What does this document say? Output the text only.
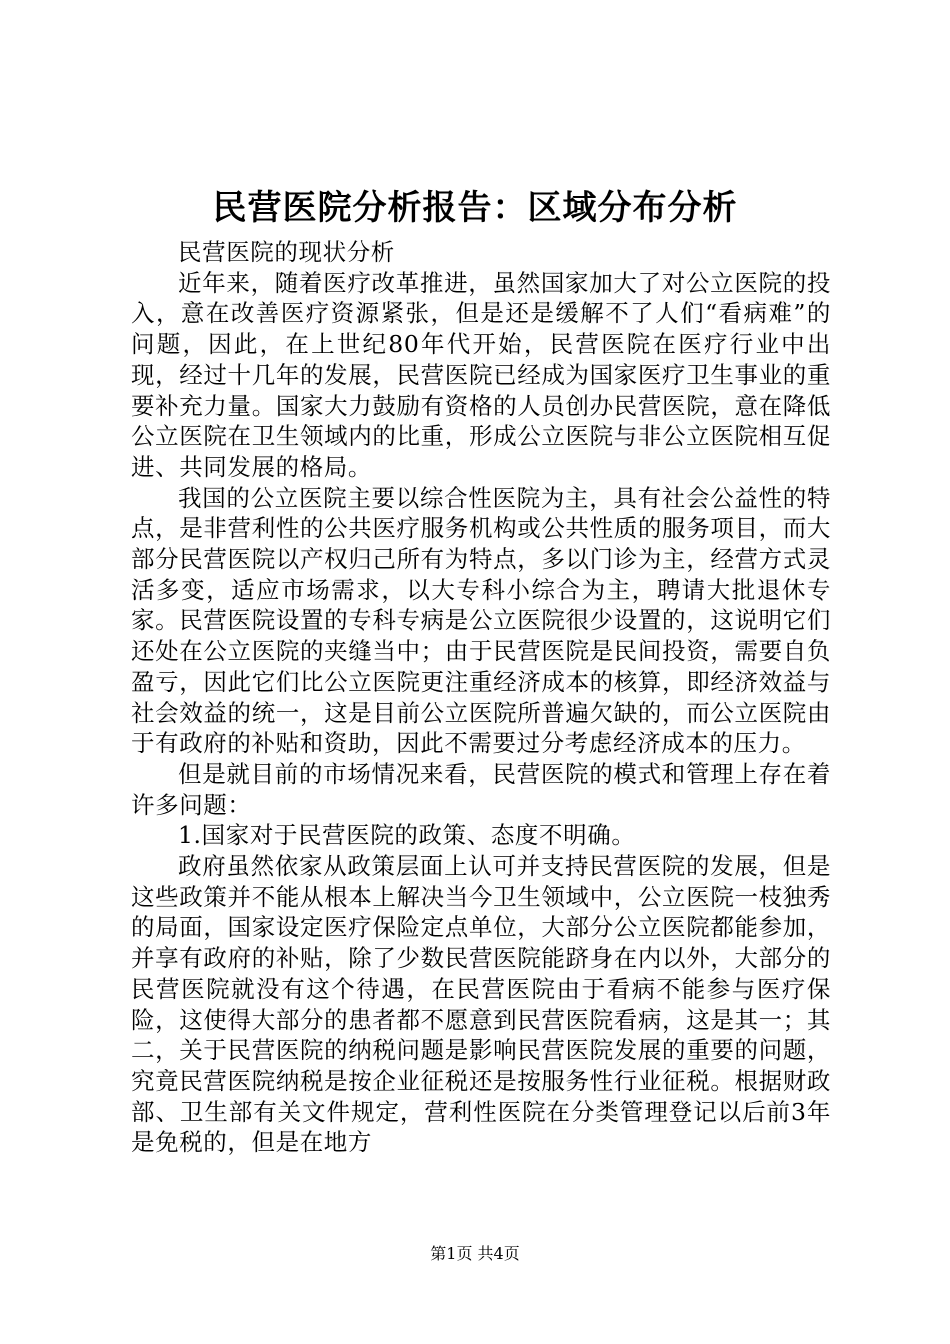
民营医院分析报告：区域分布分析

民营医院的现状分析

近年来，随着医疗改革推进，虽然国家加大了对公立医院的投入，意在改善医疗资源紧张，但是还是缓解不了人们“看病难”的问题，因此，在上世纪80年代开始，民营医院在医疗行业中出现，经过十几年的发展，民营医院已经成为国家医疗卫生事业的重要补充力量。国家大力鼓励有资格的人员创办民营医院，意在降低公立医院在卫生领域内的比重，形成公立医院与非公立医院相互促进、共同发展的格局。

我国的公立医院主要以综合性医院为主，具有社会公益性的特点，是非营利性的公共医疗服务机构或公共性质的服务项目，而大部分民营医院以产权归己所有为特点，多以门诊为主，经营方式灵活多变，适应市场需求，以大专科小综合为主，聘请大批退休专家。民营医院设置的专科专病是公立医院很少设置的，这说明它们还处在公立医院的夹缝当中；由于民营医院是民间投资，需要自负盈亏，因此它们比公立医院更注重经济成本的核算，即经济效益与社会效益的统一，这是目前公立医院所普遍欠缺的，而公立医院由于有政府的补贴和资助，因此不需要过分考虑经济成本的压力。

但是就目前的市场情况来看，民营医院的模式和管理上存在着许多问题：

1.国家对于民营医院的政策、态度不明确。

政府虽然依家从政策层面上认可并支持民营医院的发展，但是这些政策并不能从根本上解决当今卫生领域中，公立医院一枝独秀的局面，国家设定医疗保险定点单位，大部分公立医院都能参加，并享有政府的补贴，除了少数民营医院能跻身在内以外，大部分的民营医院就没有这个待遇，在民营医院由于看病不能参与医疗保险，这使得大部分的患者都不愿意到民营医院看病，这是其一；其二，关于民营医院的纳税问题是影响民营医院发展的重要的问题，究竟民营医院纳税是按企业征税还是按服务性行业征税。根据财政部、卫生部有关文件规定，营利性医院在分类管理登记以后前3年是免税的，但是在地方

第1页 共4页
